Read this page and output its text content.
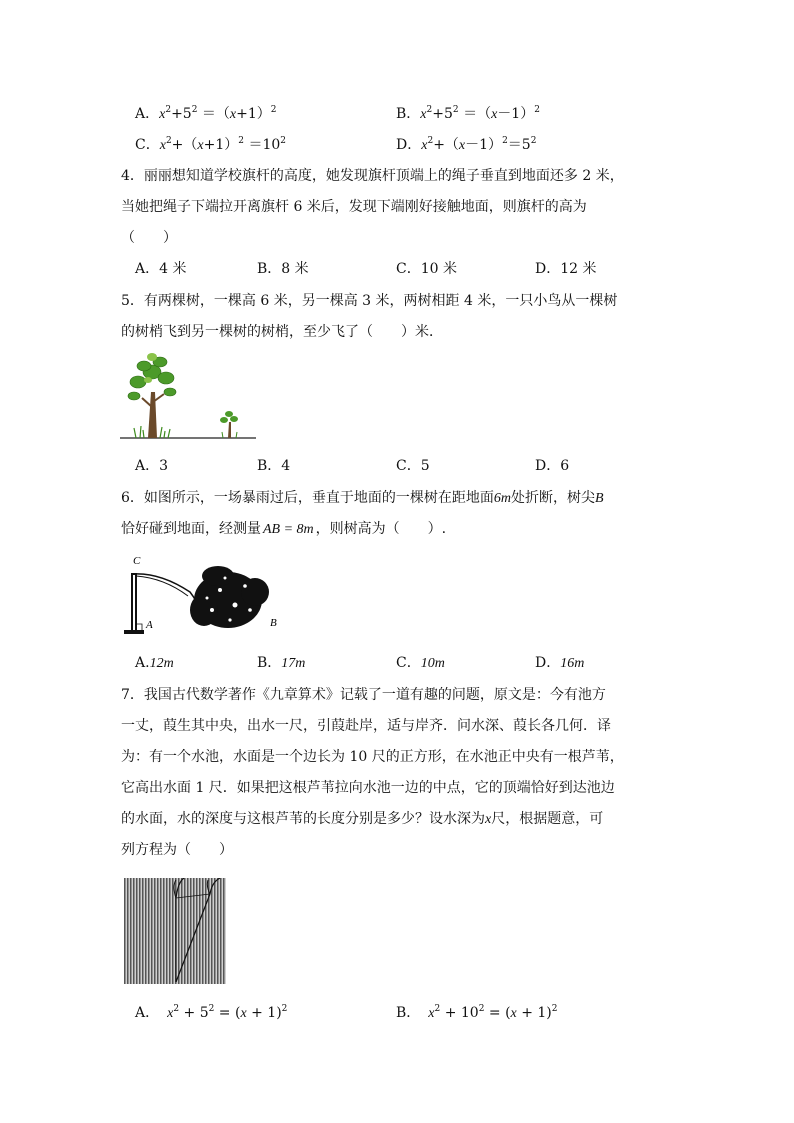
A．$x^2+5^2 =(x+1)^2$	B．$x^2+5^2 =(x-1)^2$
C．$x^2+(x+1)^2 =10^2$	D．$x^2+(x-1)^2=5^2$
4．丽丽想知道学校旗杆的高度，她发现旗杆顶端上的绳子垂直到地面还多 2 米，
当她把绳子下端拉开离旗杆 6 米后，发现下端刚好接触地面，则旗杆的高为
（　　）
A．4 米	B．8 米	C．10 米	D．12 米
5．有两棵树，一棵高 6 米，另一棵高 3 米，两树相距 4 米，一只小鸟从一棵树
的树梢飞到另一棵树的树梢，至少飞了（　　）米．
A．3	B．4	C．5	D．6
6．如图所示，一场暴雨过后，垂直于地面的一棵树在距地面6m处折断，树尖B
恰好碰到地面，经测量 AB = 8m ，则树高为（　　）.
C
A	B
A.12m	B．17m	C．10m	D．16m
7．我国古代数学著作《九章算术》记载了一道有趣的问题，原文是：今有池方
一丈，葭生其中央，出水一尺，引葭赴岸，适与岸齐．问水深、葭长各几何．译
为：有一个水池，水面是一个边长为 10 尺的正方形，在水池正中央有一根芦苇，
它高出水面 1 尺．如果把这根芦苇拉向水池一边的中点，它的顶端恰好到达池边
的水面，水的深度与这根芦苇的长度分别是多少？设水深为x尺，根据题意，可
列方程为（　　）
A． $x^2 + 5^2 = (x + 1)^2$	B． $x^2 + 10^2 = (x + 1)^2$
